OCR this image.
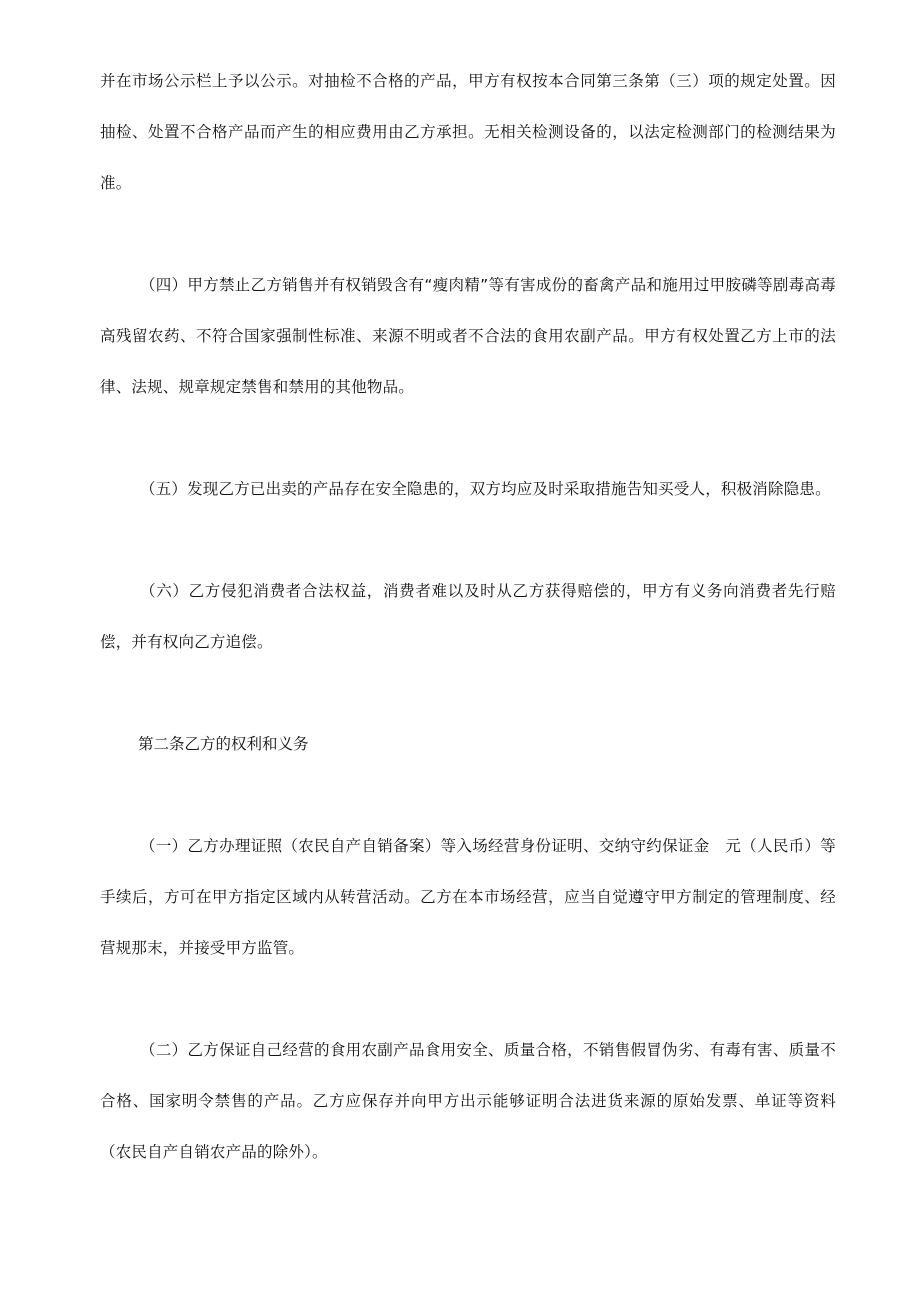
并在市场公示栏上予以公示。对抽检不合格的产品，甲方有权按本合同第三条第（三）项的规定处置。因抽检、处置不合格产品而产生的相应费用由乙方承担。无相关检测设备的，以法定检测部门的检测结果为准。

（四）甲方禁止乙方销售并有权销毁含有“瘦肉精”等有害成份的畜禽产品和施用过甲胺磷等剧毒高毒高残留农药、不符合国家强制性标准、来源不明或者不合法的食用农副产品。甲方有权处置乙方上市的法律、法规、规章规定禁售和禁用的其他物品。

（五）发现乙方已出卖的产品存在安全隐患的，双方均应及时采取措施告知买受人，积极消除隐患。

（六）乙方侵犯消费者合法权益，消费者难以及时从乙方获得赔偿的，甲方有义务向消费者先行赔偿，并有权向乙方追偿。

第二条乙方的权利和义务

（一）乙方办理证照（农民自产自销备案）等入场经营身份证明、交纳守约保证金　元（人民币）等手续后，方可在甲方指定区域内从转营活动。乙方在本市场经营，应当自觉遵守甲方制定的管理制度、经营规那末，并接受甲方监管。

（二）乙方保证自己经营的食用农副产品食用安全、质量合格，不销售假冒伪劣、有毒有害、质量不合格、国家明令禁售的产品。乙方应保存并向甲方出示能够证明合法进货来源的原始发票、单证等资料（农民自产自销农产品的除外）。
